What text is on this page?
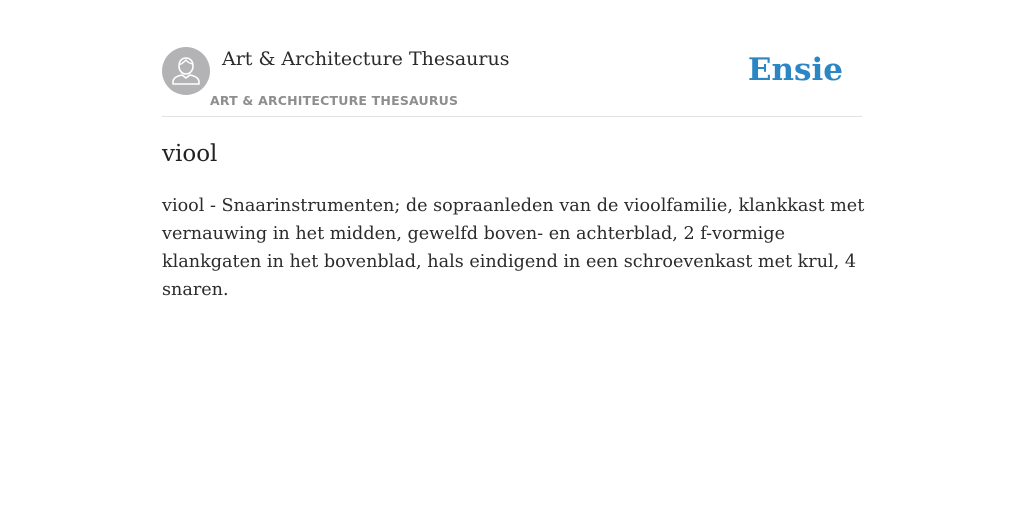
Art & Architecture Thesaurus
ART & ARCHITECTURE THESAURUS
Ensie
viool
viool - Snaarinstrumenten; de sopraanleden van de vioolfamilie, klankkast met vernauwing in het midden, gewelfd boven- en achterblad, 2 f-vormige klankgaten in het bovenblad, hals eindigend in een schroevenkast met krul, 4 snaren.
